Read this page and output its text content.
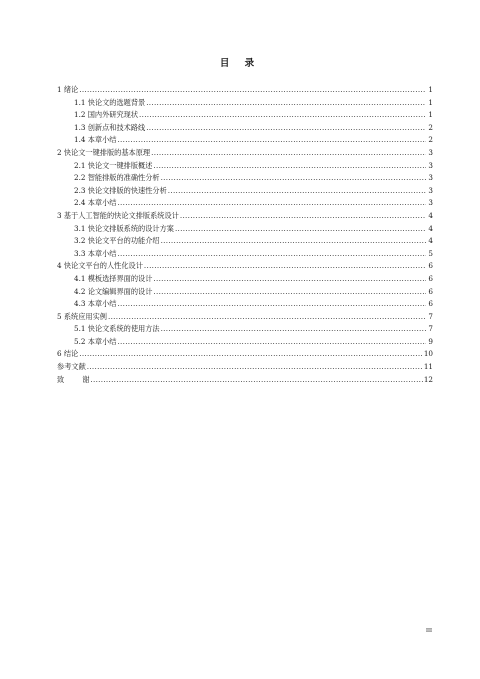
目 录
1 绪论 .....	1
1.1 快论文的选题背景 .....	1
1.2 国内外研究现状 .....	1
1.3 创新点和技术路线 .....	2
1.4 本章小结 .....	2
2 快论文一键排版的基本原理 .....	3
2.1 快论文一键排版概述 .....	3
2.2 智能排版的准确性分析 .....	3
2.3 快论文排版的快速性分析 .....	3
2.4 本章小结 .....	3
3 基于人工智能的快论文排版系统设计 .....	4
3.1 快论文排版系统的设计方案 .....	4
3.2 快论文平台的功能介绍 .....	4
3.3 本章小结 .....	5
4 快论文平台的人性化设计 .....	6
4.1 模板选择界面的设计 .....	6
4.2 论文编辑界面的设计 .....	6
4.3 本章小结 .....	6
5 系统应用实例 .....	7
5.1 快论文系统的使用方法 .....	7
5.2 本章小结 .....	9
6 结论 .....	10
参考文献 .....	11
致	谢 .....	12
III
